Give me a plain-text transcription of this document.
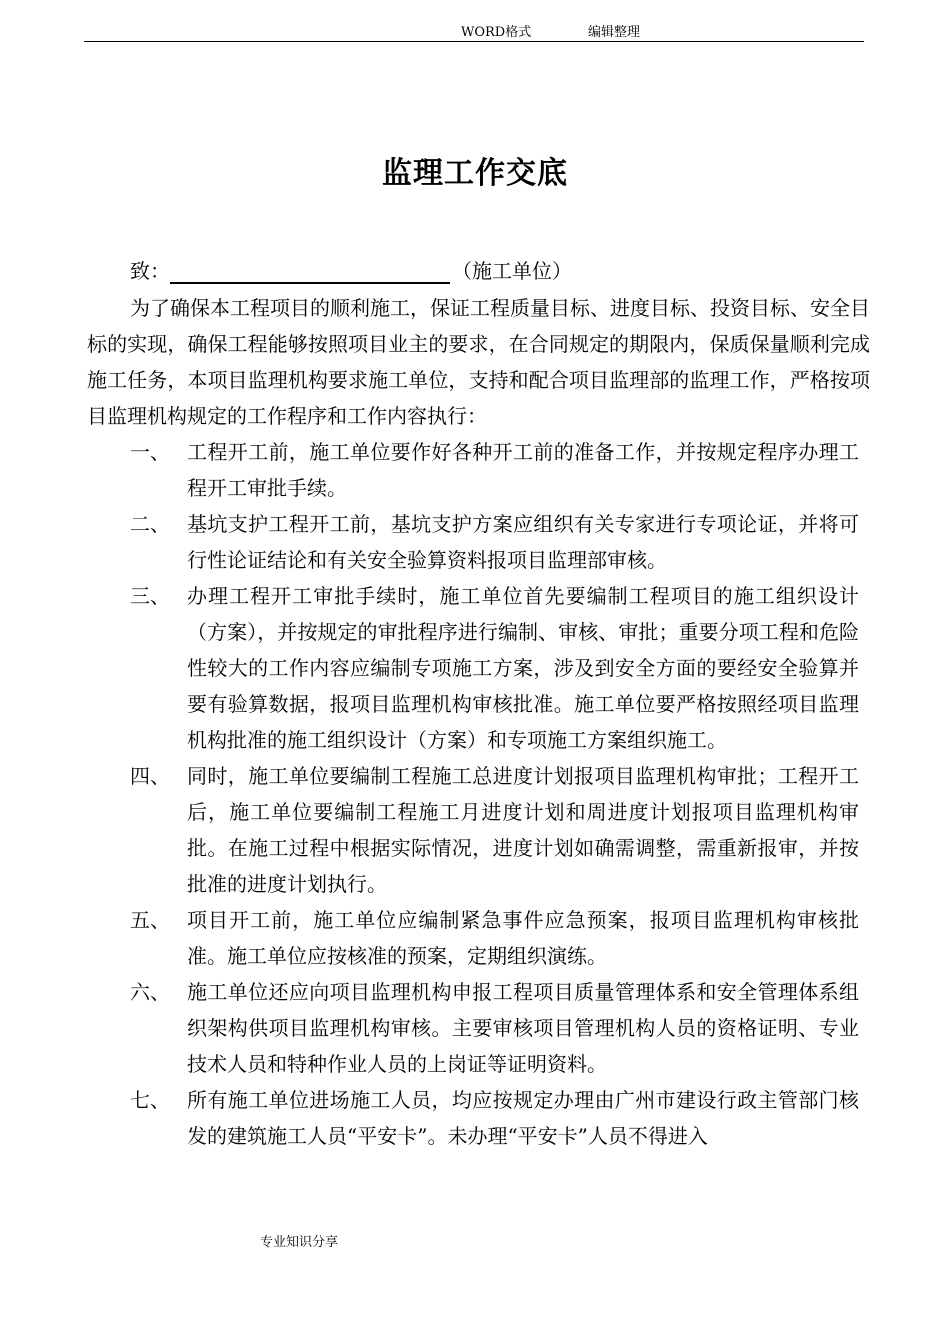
WORD格式	编辑整理
监理工作交底
致：	（施工单位）

为了确保本工程项目的顺利施工，保证工程质量目标、进度目标、投资目标、安全目标的实现，确保工程能够按照项目业主的要求，在合同规定的期限内，保质保量顺利完成施工任务，本项目监理机构要求施工单位，支持和配合项目监理部的监理工作，严格按项目监理机构规定的工作程序和工作内容执行：

一、 工程开工前，施工单位要作好各种开工前的准备工作，并按规定程序办理工程开工审批手续。
二、 基坑支护工程开工前，基坑支护方案应组织有关专家进行专项论证，并将可行性论证结论和有关安全验算资料报项目监理部审核。
三、 办理工程开工审批手续时，施工单位首先要编制工程项目的施工组织设计（方案），并按规定的审批程序进行编制、审核、审批；重要分项工程和危险性较大的工作内容应编制专项施工方案，涉及到安全方面的要经安全验算并要有验算数据，报项目监理机构审核批准。施工单位要严格按照经项目监理机构批准的施工组织设计（方案）和专项施工方案组织施工。
四、 同时，施工单位要编制工程施工总进度计划报项目监理机构审批；工程开工后，施工单位要编制工程施工月进度计划和周进度计划报项目监理机构审批。在施工过程中根据实际情况，进度计划如确需调整，需重新报审，并按批准的进度计划执行。
五、 项目开工前，施工单位应编制紧急事件应急预案，报项目监理机构审核批准。施工单位应按核准的预案，定期组织演练。
六、 施工单位还应向项目监理机构申报工程项目质量管理体系和安全管理体系组织架构供项目监理机构审核。主要审核项目管理机构人员的资格证明、专业技术人员和特种作业人员的上岗证等证明资料。
七、 所有施工单位进场施工人员，均应按规定办理由广州市建设行政主管部门核发的建筑施工人员“平安卡”。未办理“平安卡”人员不得进入
专业知识分享
